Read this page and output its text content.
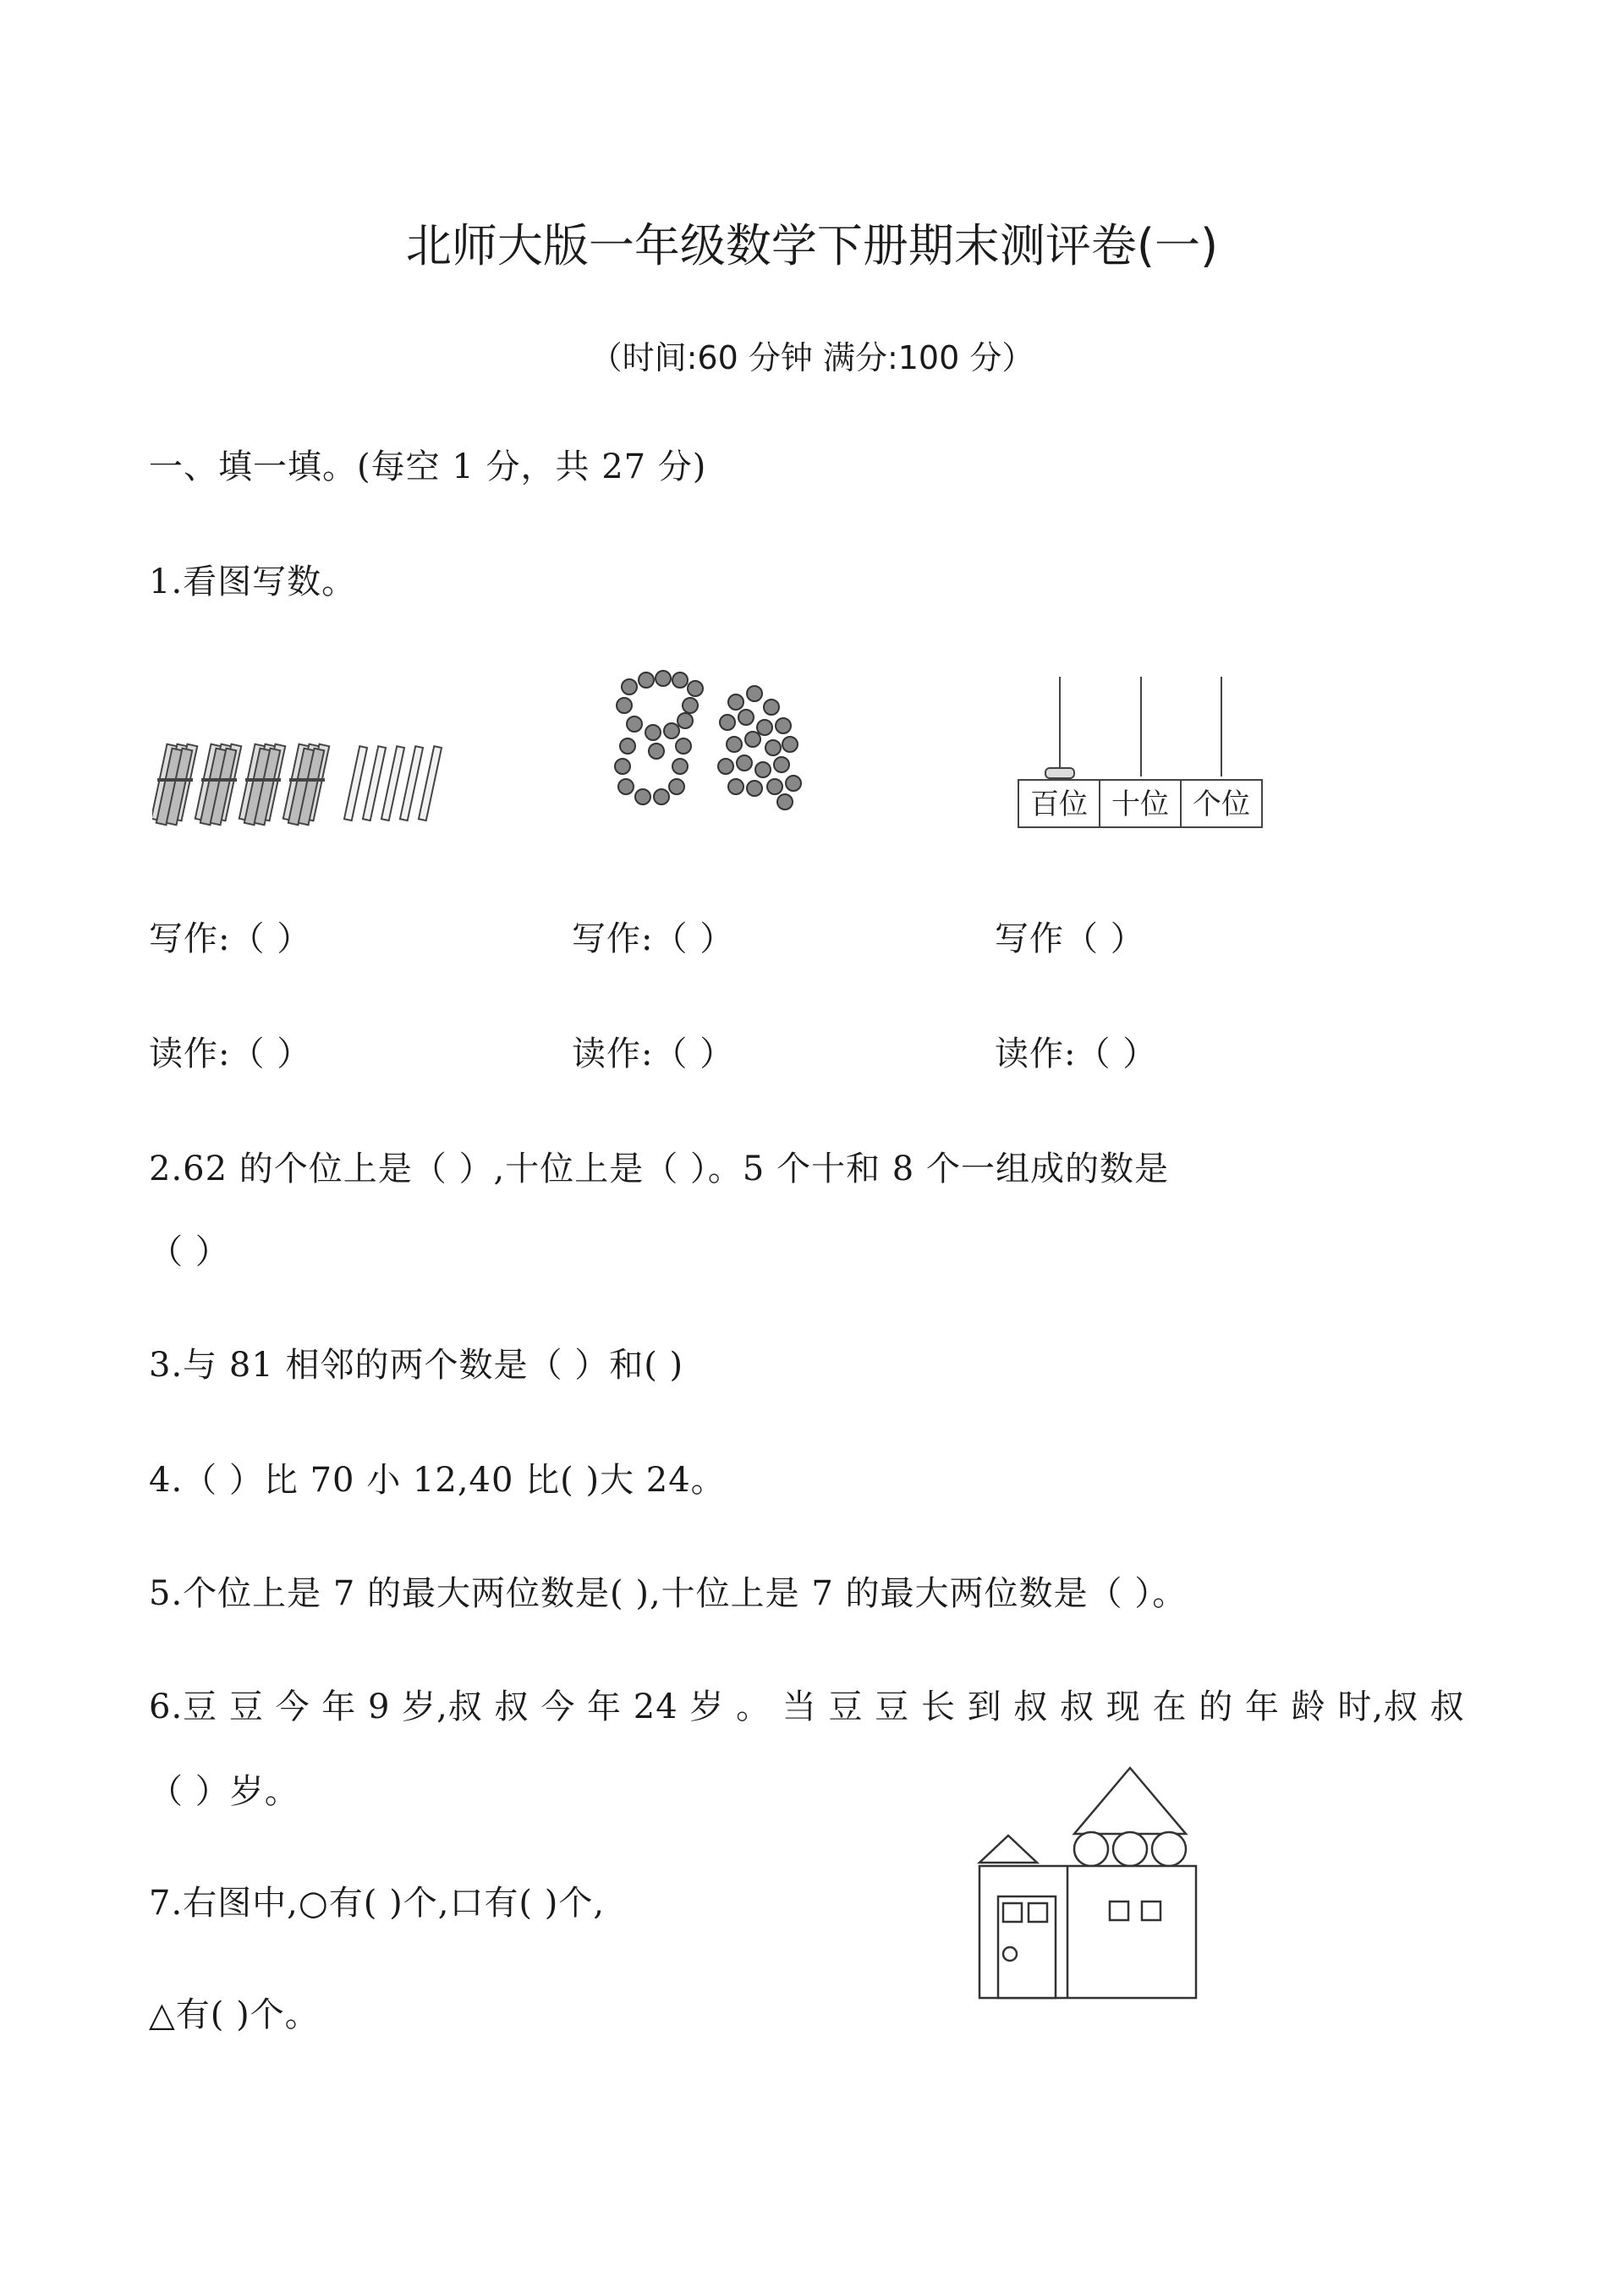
北师大版一年级数学下册期末测评卷(一)
（时间:60 分钟 满分:100 分）
一、填一填。(每空 1 分，共 27 分)
1.看图写数。
百位 十位 个位
写作:（ ）	写作:（ ）	写作（ ）
读作:（ ）	读作:（ ）	读作:（ ）
2.62 的个位上是（ ）,十位上是（ ）。5 个十和 8 个一组成的数是
（ ）
3.与 81 相邻的两个数是（ ）和( )
4.（ ）比 70 小 12,40 比( )大 24。
5.个位上是 7 的最大两位数是( ),十位上是 7 的最大两位数是（ ）。
6.豆 豆 今 年 9 岁,叔 叔 今 年 24 岁 。 当 豆 豆 长 到 叔 叔 现 在 的 年 龄 时,叔 叔
（ ）岁。
7.右图中,○有( )个,口有( )个,
△有( )个。
